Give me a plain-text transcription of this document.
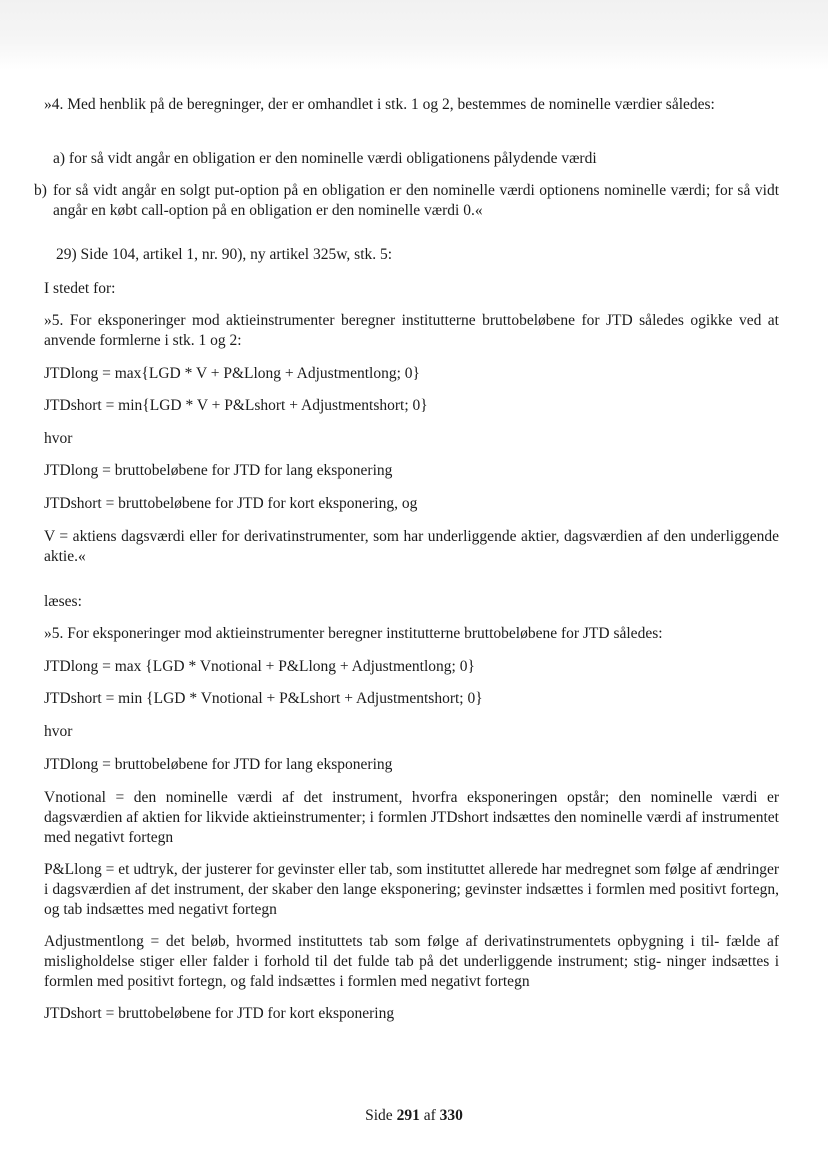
»4. Med henblik på de beregninger, der er omhandlet i stk. 1 og 2, bestemmes de nominelle værdier således:

a) for så vidt angår en obligation er den nominelle værdi obligationens pålydende værdi

b) for så vidt angår en solgt put-option på en obligation er den nominelle værdi optionens nominelle værdi; for så vidt angår en købt call-option på en obligation er den nominelle værdi 0.«

29) Side 104, artikel 1, nr. 90), ny artikel 325w, stk. 5:

I stedet for:

»5. For eksponeringer mod aktieinstrumenter beregner institutterne bruttobeløbene for JTD således ogikke ved at anvende formlerne i stk. 1 og 2:

JTDlong = max{LGD * V + P&Llong + Adjustmentlong; 0}

JTDshort = min{LGD * V + P&Lshort + Adjustmentshort; 0}

hvor

JTDlong = bruttobeløbene for JTD for lang eksponering

JTDshort = bruttobeløbene for JTD for kort eksponering, og

V = aktiens dagsværdi eller for derivatinstrumenter, som har underliggende aktier, dagsværdien af den underliggende aktie.«

læses:

»5. For eksponeringer mod aktieinstrumenter beregner institutterne bruttobeløbene for JTD således:

JTDlong = max {LGD * Vnotional + P&Llong + Adjustmentlong; 0}

JTDshort = min {LGD * Vnotional + P&Lshort + Adjustmentshort; 0}

hvor

JTDlong = bruttobeløbene for JTD for lang eksponering

Vnotional = den nominelle værdi af det instrument, hvorfra eksponeringen opstår; den nominelle værdi er dagsværdien af aktien for likvide aktieinstrumenter; i formlen JTDshort indsættes den nominelle værdi af instrumentet med negativt fortegn

P&Llong = et udtryk, der justerer for gevinster eller tab, som instituttet allerede har medregnet som følge af ændringer i dagsværdien af det instrument, der skaber den lange eksponering; gevinster indsættes i formlen med positivt fortegn, og tab indsættes med negativt fortegn

Adjustmentlong = det beløb, hvormed instituttets tab som følge af derivatinstrumentets opbygning i til- fælde af misligholdelse stiger eller falder i forhold til det fulde tab på det underliggende instrument; stig- ninger indsættes i formlen med positivt fortegn, og fald indsættes i formlen med negativt fortegn

JTDshort = bruttobeløbene for JTD for kort eksponering

Side 291 af 330
